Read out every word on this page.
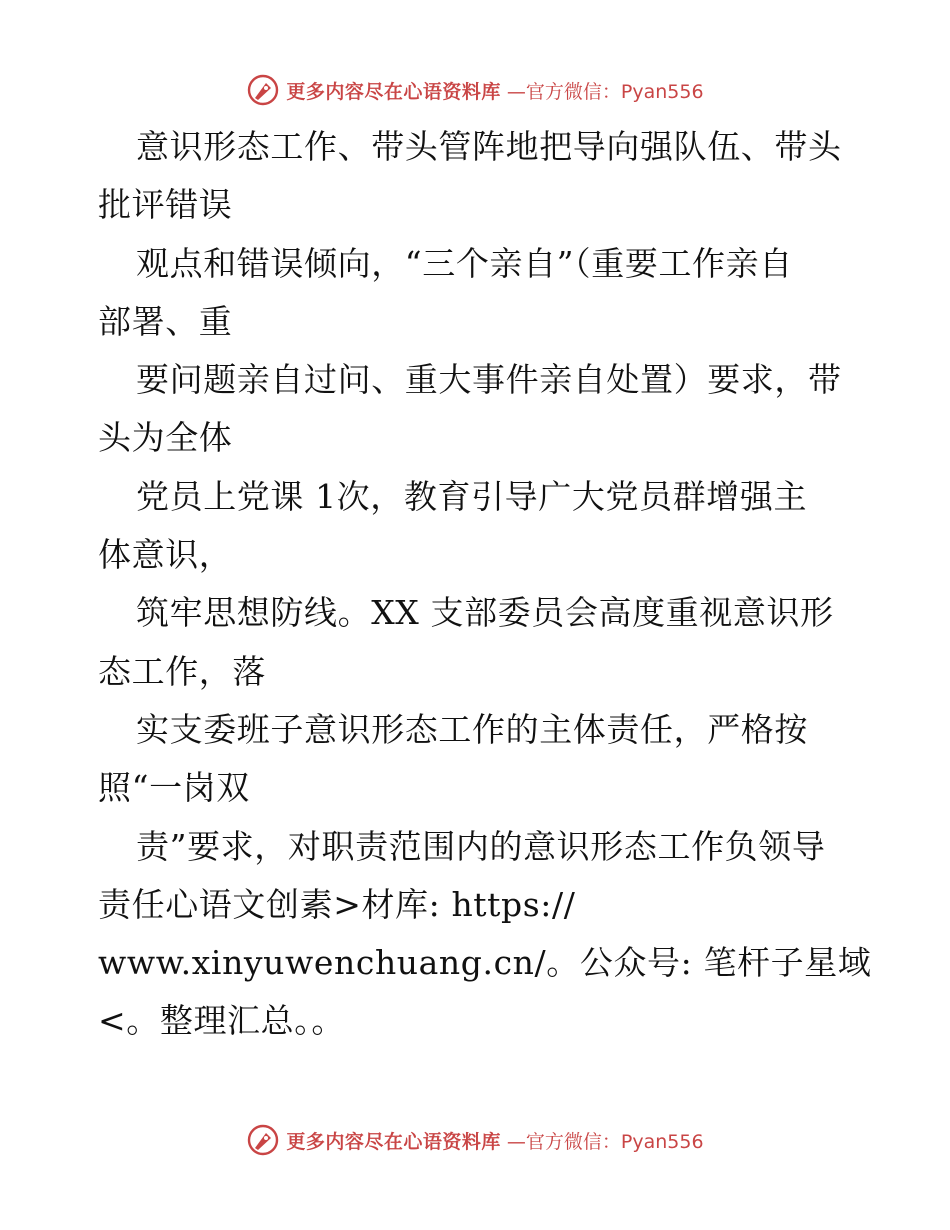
更多内容尽在心语资料库 —官方微信：Pyan556
意识形态工作、带头管阵地把导向强队伍、带头
批评错误
观点和错误倾向，“三个亲自”（重要工作亲自
部署、重
要问题亲自过问、重大事件亲自处置）要求，带
头为全体
党员上党课 1次，教育引导广大党员群增强主
体意识，
筑牢思想防线。XX 支部委员会高度重视意识形
态工作，落
实支委班子意识形态工作的主体责任，严格按
照“一岗双
责”要求，对职责范围内的意识形态工作负领导
责任心语文创素>材库: https://
www.xinyuwenchuang.cn/。公众号: 笔杆子星域
<。整理汇总。。
更多内容尽在心语资料库 —官方微信：Pyan556
